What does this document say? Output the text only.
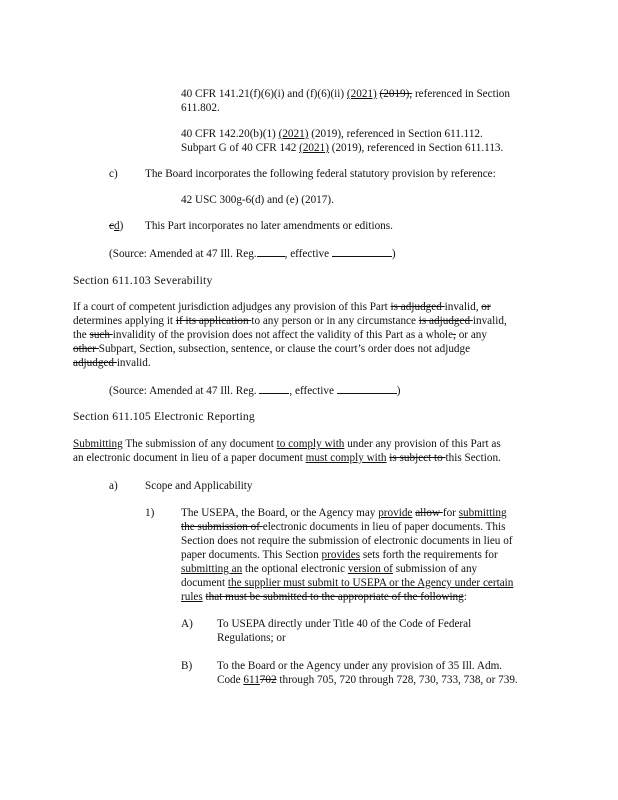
40 CFR 141.21(f)(6)(i) and (f)(6)(ii) (2021) (2019), referenced in Section

611.802.

40 CFR 142.20(b)(1) (2021) (2019), referenced in Section 611.112.

Subpart G of 40 CFR 142 (2021) (2019), referenced in Section 611.113.

c) The Board incorporates the following federal statutory provision by reference:

42 USC 300g-6(d) and (e) (2017).

cd) This Part incorporates no later amendments or editions.

(Source: Amended at 47 Ill. Reg.	, effective	)

Section 611.103 Severability

If a court of competent jurisdiction adjudges any provision of this Part is adjudged invalid, or

determines applying it if its application to any person or in any circumstance is adjudged invalid,

the such invalidity of the provision does not affect the validity of this Part as a whole, or any

other Subpart, Section, subsection, sentence, or clause the court’s order does not adjudge

adjudged invalid.

(Source: Amended at 47 Ill. Reg.	, effective	)

Section 611.105 Electronic Reporting

Submitting The submission of any document to comply with under any provision of this Part as

an electronic document in lieu of a paper document must comply with is subject to this Section.

a) Scope and Applicability

1) The USEPA, the Board, or the Agency may provide allow for submitting

the submission of electronic documents in lieu of paper documents. This

Section does not require the submission of electronic documents in lieu of

paper documents. This Section provides sets forth the requirements for

submitting an the optional electronic version of submission of any

document the supplier must submit to USEPA or the Agency under certain

rules that must be submitted to the appropriate of the following:

A) To USEPA directly under Title 40 of the Code of Federal

Regulations; or

B) To the Board or the Agency under any provision of 35 Ill. Adm.

Code 611702 through 705, 720 through 728, 730, 733, 738, or 739.
